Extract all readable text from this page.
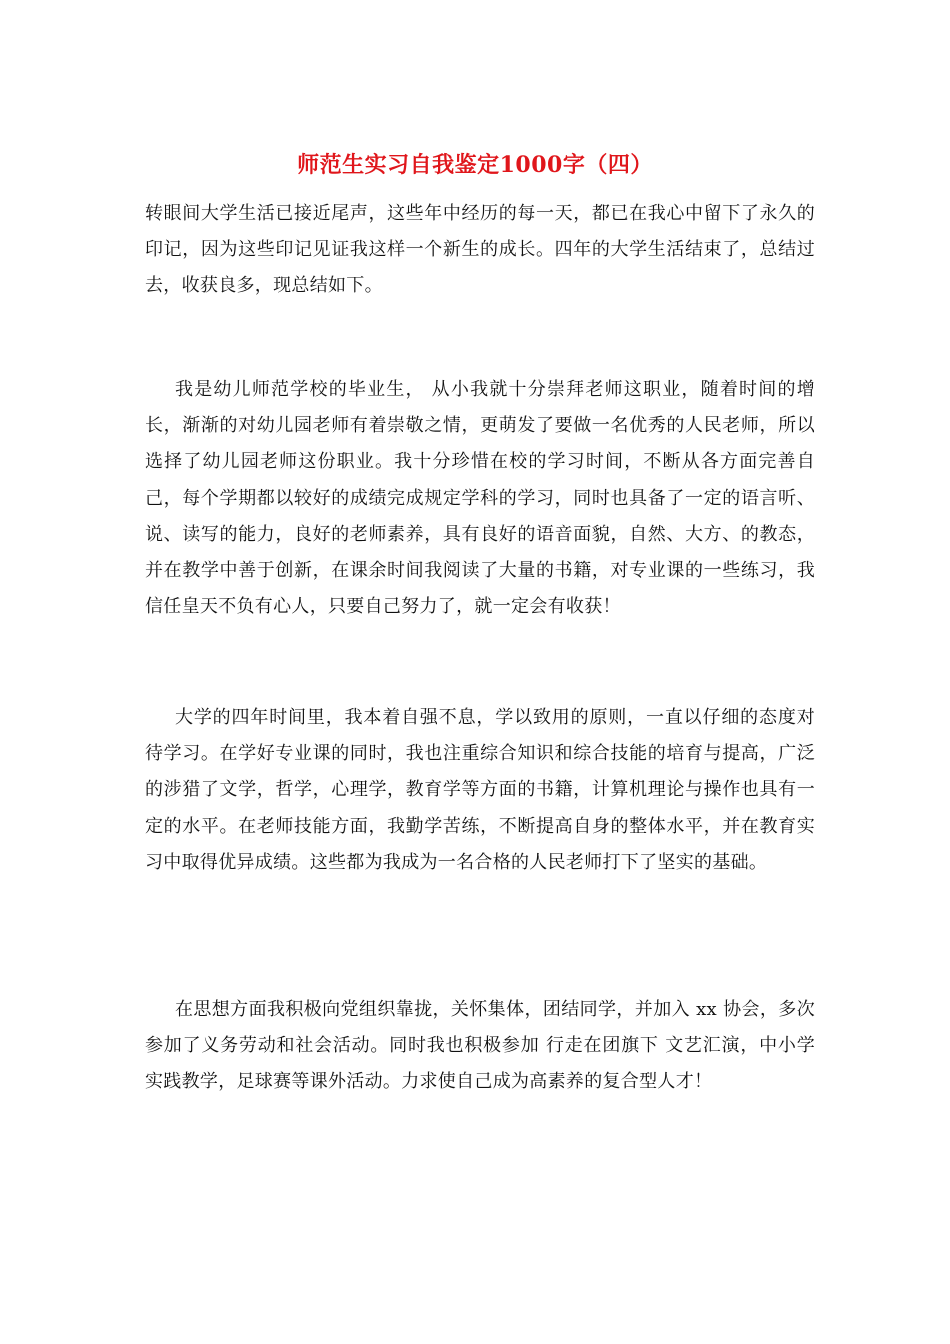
师范生实习自我鉴定1000字（四）

转眼间大学生活已接近尾声，这些年中经历的每一天，都已在我心中留下了永久的印记，因为这些印记见证我这样一个新生的成长。四年的大学生活结束了，总结过去，收获良多，现总结如下。

我是幼儿师范学校的毕业生， 从小我就十分崇拜老师这职业，随着时间的增长，渐渐的对幼儿园老师有着崇敬之情，更萌发了要做一名优秀的人民老师，所以选择了幼儿园老师这份职业。我十分珍惜在校的学习时间，不断从各方面完善自己，每个学期都以较好的成绩完成规定学科的学习，同时也具备了一定的语言听、说、读写的能力，良好的老师素养，具有良好的语音面貌，自然、大方、的教态，并在教学中善于创新，在课余时间我阅读了大量的书籍，对专业课的一些练习，我信任皇天不负有心人，只要自己努力了，就一定会有收获！

大学的四年时间里，我本着自强不息，学以致用的原则，一直以仔细的态度对待学习。在学好专业课的同时，我也注重综合知识和综合技能的培育与提高，广泛的涉猎了文学，哲学，心理学，教育学等方面的书籍，计算机理论与操作也具有一定的水平。在老师技能方面，我勤学苦练，不断提高自身的整体水平，并在教育实习中取得优异成绩。这些都为我成为一名合格的人民老师打下了坚实的基础。

在思想方面我积极向党组织靠拢，关怀集体，团结同学，并加入 xx 协会，多次参加了义务劳动和社会活动。同时我也积极参加 行走在团旗下 文艺汇演，中小学实践教学，足球赛等课外活动。力求使自己成为高素养的复合型人才！
